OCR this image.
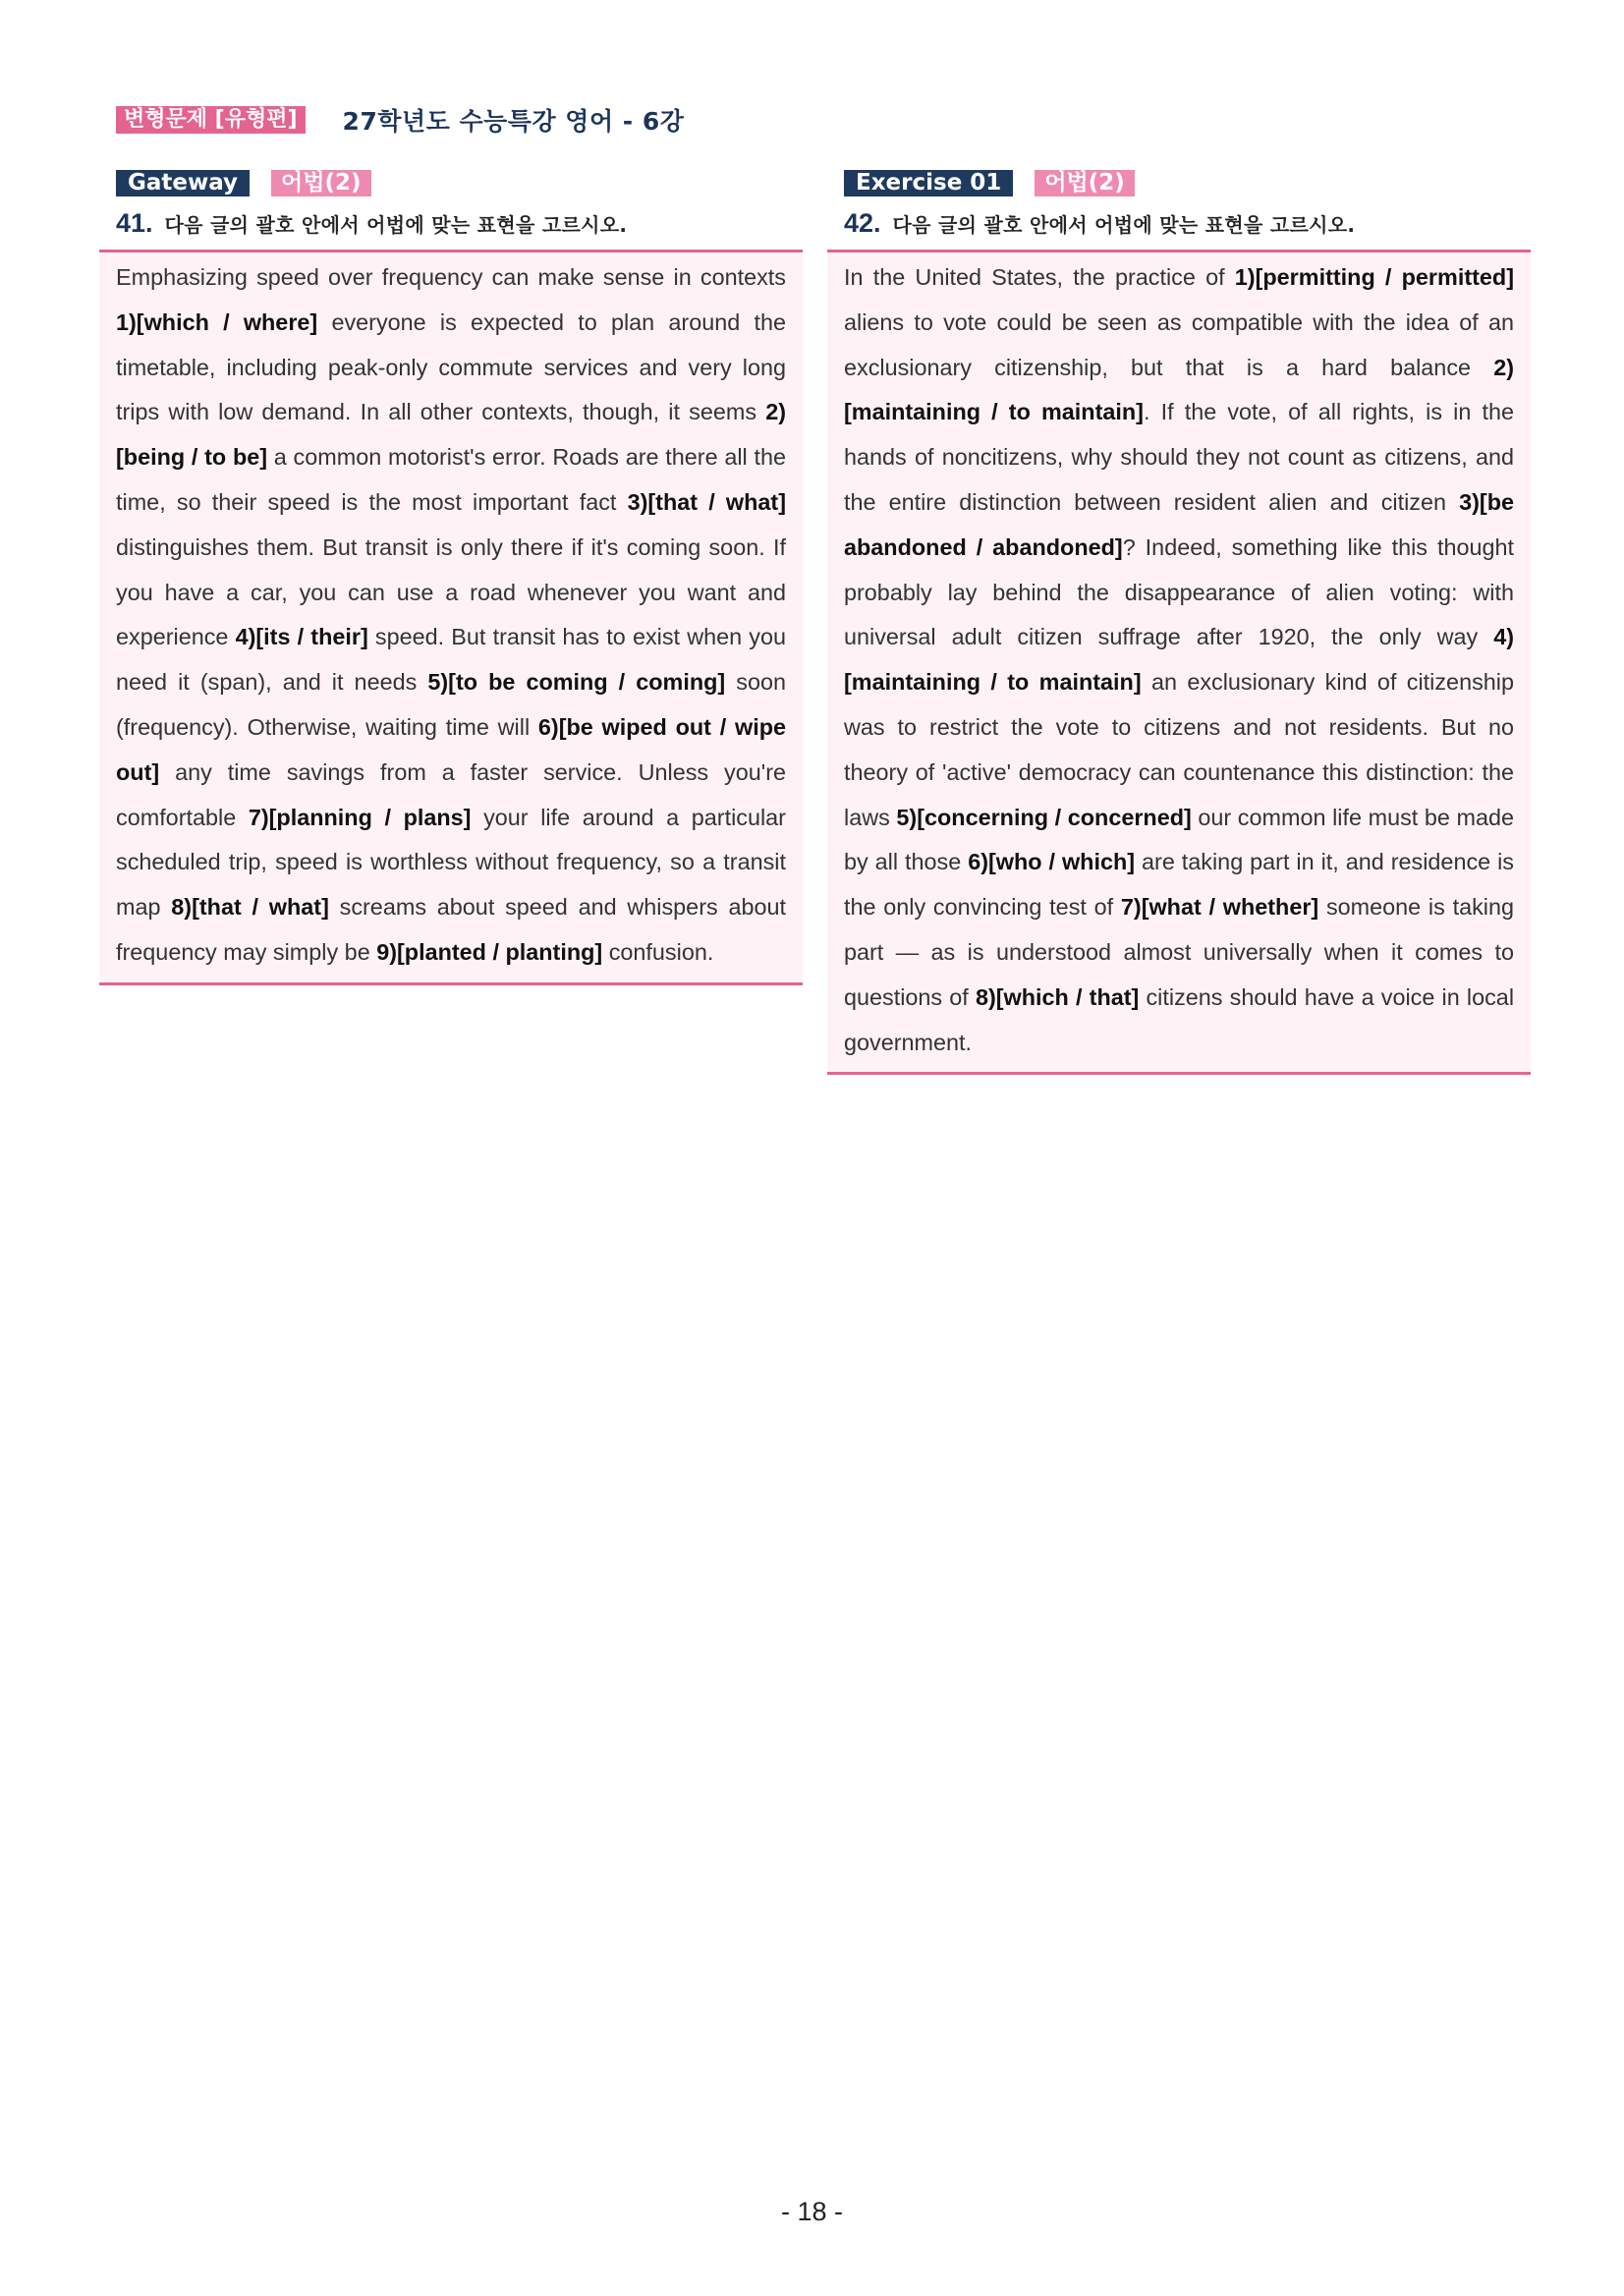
변형문제 [유형편]	27학년도 수능특강 영어 - 6강
Gateway	어법(2)
41. 다음 글의 괄호 안에서 어법에 맞는 표현을 고르시오.
Emphasizing speed over frequency can make sense in contexts 1)[which / where] everyone is expected to plan around the timetable, including peak-only commute services and very long trips with low demand. In all other contexts, though, it seems 2)[being / to be] a common motorist's error. Roads are there all the time, so their speed is the most important fact 3)[that / what] distinguishes them. But transit is only there if it's coming soon. If you have a car, you can use a road whenever you want and experience 4)[its / their] speed. But transit has to exist when you need it (span), and it needs 5)[to be coming / coming] soon (frequency). Otherwise, waiting time will 6)[be wiped out / wipe out] any time savings from a faster service. Unless you're comfortable 7)[planning / plans] your life around a particular scheduled trip, speed is worthless without frequency, so a transit map 8)[that / what] screams about speed and whispers about frequency may simply be 9)[planted / planting] confusion.
Exercise 01	어법(2)
42. 다음 글의 괄호 안에서 어법에 맞는 표현을 고르시오.
In the United States, the practice of 1)[permitting / permitted] aliens to vote could be seen as compatible with the idea of an exclusionary citizenship, but that is a hard balance 2)[maintaining / to maintain]. If the vote, of all rights, is in the hands of noncitizens, why should they not count as citizens, and the entire distinction between resident alien and citizen 3)[be abandoned / abandoned]? Indeed, something like this thought probably lay behind the disappearance of alien voting: with universal adult citizen suffrage after 1920, the only way 4)[maintaining / to maintain] an exclusionary kind of citizenship was to restrict the vote to citizens and not residents. But no theory of 'active' democracy can countenance this distinction: the laws 5)[concerning / concerned] our common life must be made by all those 6)[who / which] are taking part in it, and residence is the only convincing test of 7)[what / whether] someone is taking part — as is understood almost universally when it comes to questions of 8)[which / that] citizens should have a voice in local government.
- 18 -
